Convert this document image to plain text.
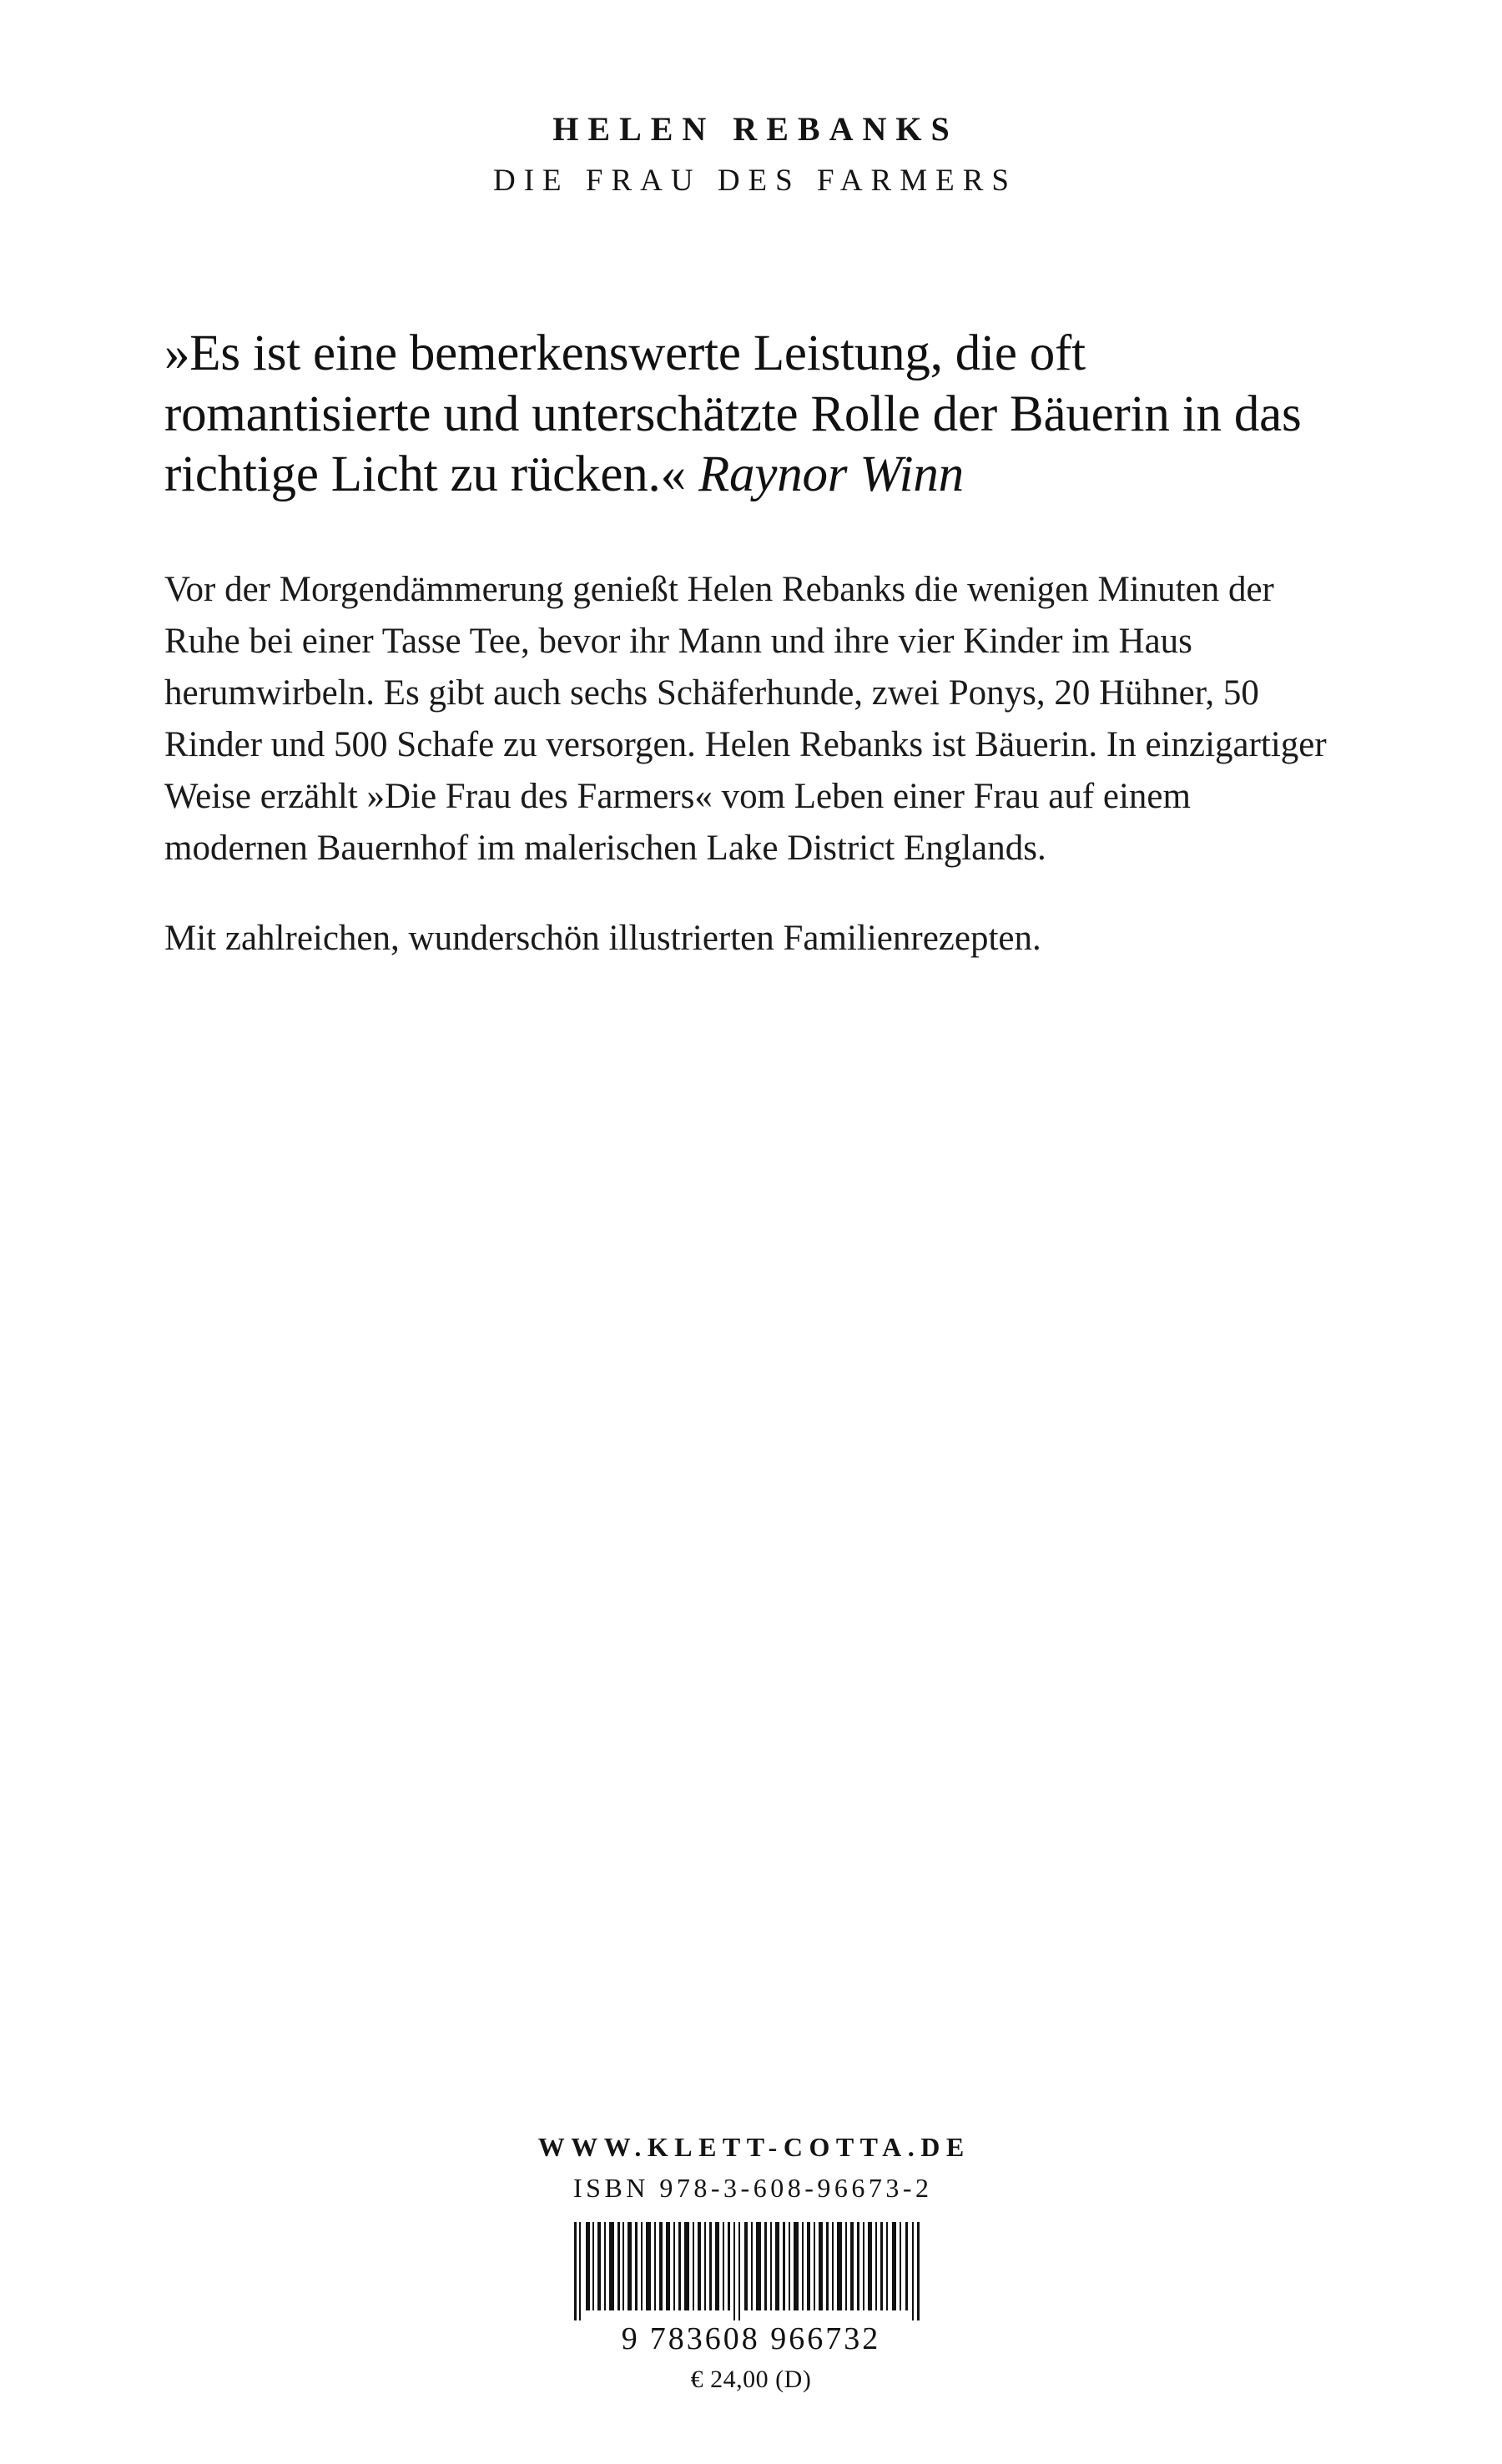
HELEN REBANKS
DIE FRAU DES FARMERS
»Es ist eine bemerkenswerte Leistung, die oft romantisierte und unterschätzte Rolle der Bäuerin in das richtige Licht zu rücken.« Raynor Winn

Vor der Morgendämmerung genießt Helen Rebanks die wenigen Minuten der Ruhe bei einer Tasse Tee, bevor ihr Mann und ihre vier Kinder im Haus herumwirbeln. Es gibt auch sechs Schäferhunde, zwei Ponys, 20 Hühner, 50 Rinder und 500 Schafe zu versorgen. Helen Rebanks ist Bäuerin. In einzigartiger Weise erzählt »Die Frau des Farmers« vom Leben einer Frau auf einem modernen Bauernhof im malerischen Lake District Englands.

Mit zahlreichen, wunderschön illustrierten Familienrezepten.

WWW.KLETT-COTTA.DE
ISBN 978-3-608-96673-2
9 783608 966732
€ 24,00 (D)
